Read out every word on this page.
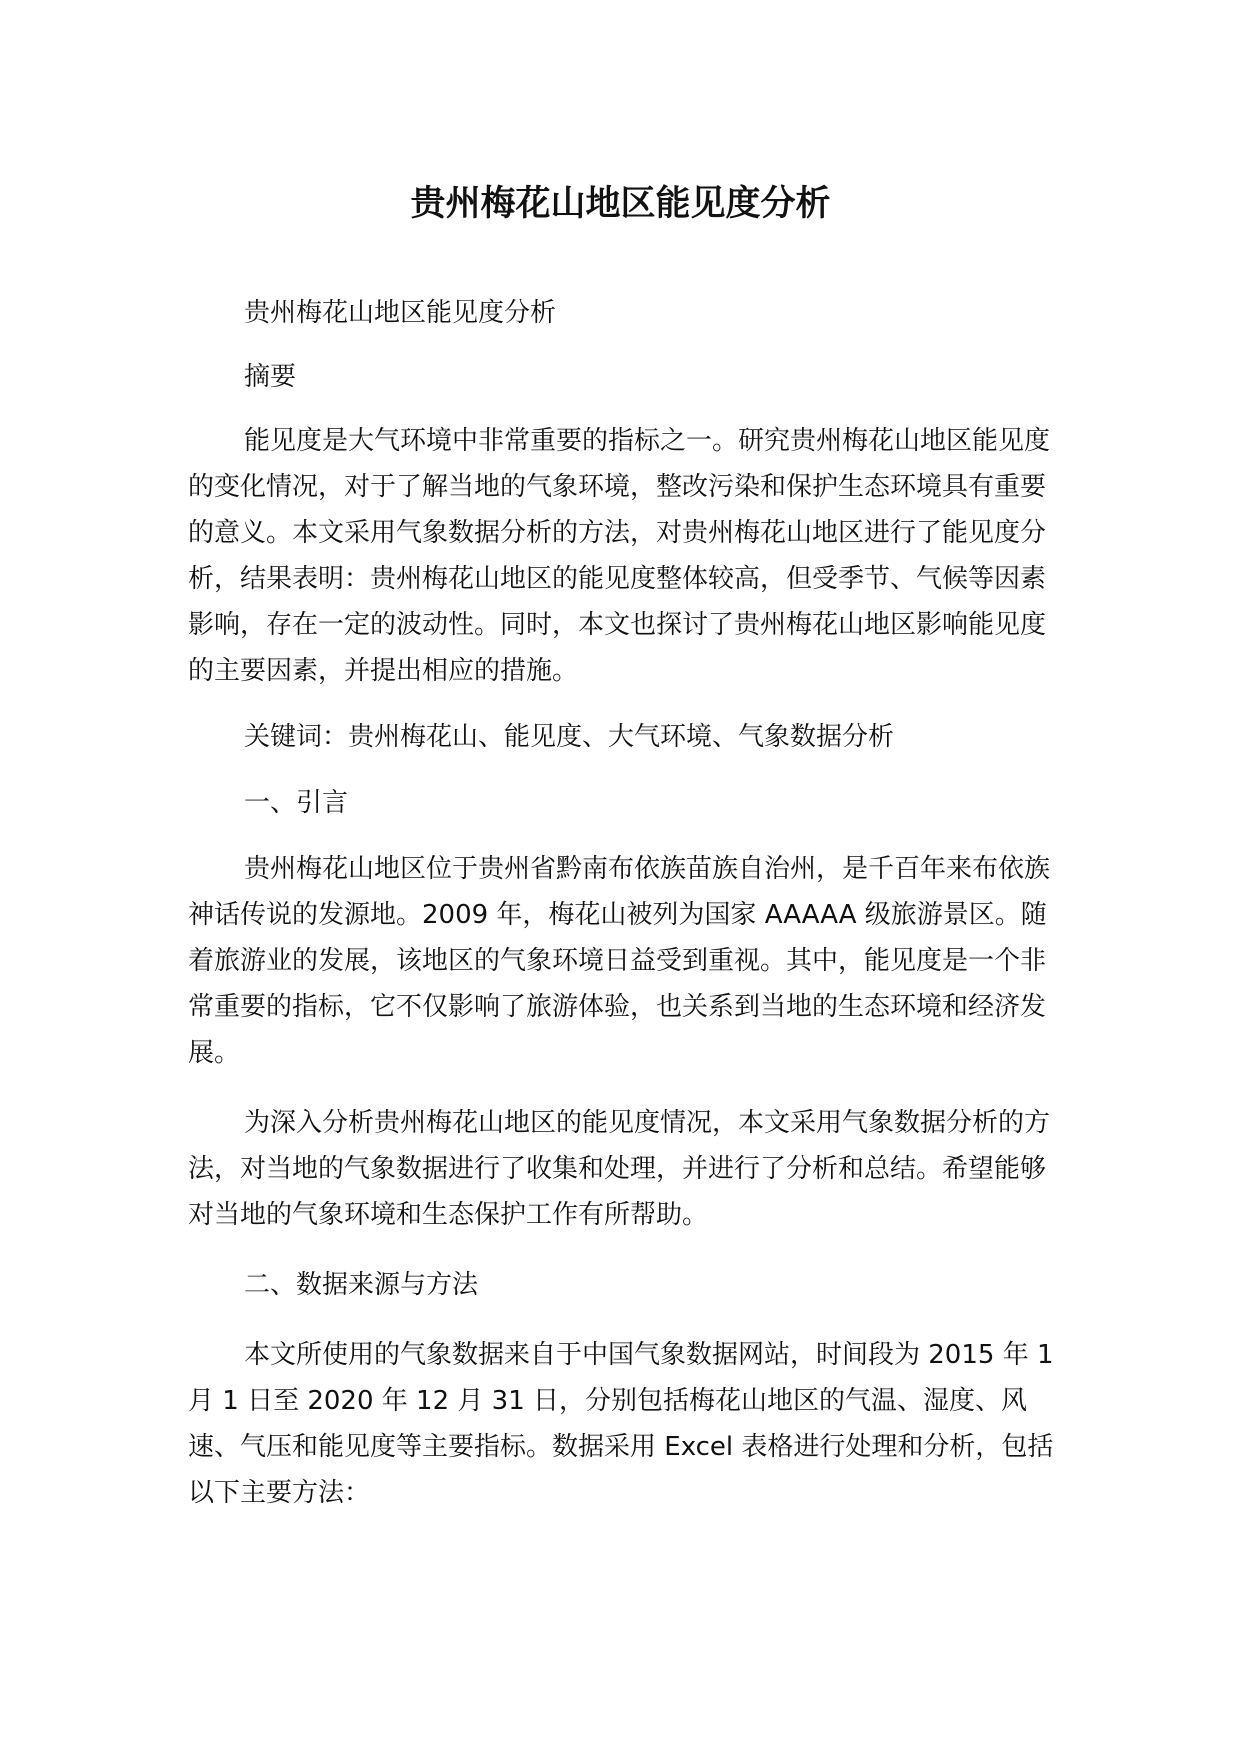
贵州梅花山地区能见度分析

贵州梅花山地区能见度分析

摘要

能见度是大气环境中非常重要的指标之一。研究贵州梅花山地区能见度的变化情况，对于了解当地的气象环境，整改污染和保护生态环境具有重要的意义。本文采用气象数据分析的方法，对贵州梅花山地区进行了能见度分析，结果表明：贵州梅花山地区的能见度整体较高，但受季节、气候等因素影响，存在一定的波动性。同时，本文也探讨了贵州梅花山地区影响能见度的主要因素，并提出相应的措施。

关键词：贵州梅花山、能见度、大气环境、气象数据分析

一、引言

贵州梅花山地区位于贵州省黔南布依族苗族自治州，是千百年来布依族神话传说的发源地。2009 年，梅花山被列为国家 AAAAA 级旅游景区。随着旅游业的发展，该地区的气象环境日益受到重视。其中，能见度是一个非常重要的指标，它不仅影响了旅游体验，也关系到当地的生态环境和经济发展。

为深入分析贵州梅花山地区的能见度情况，本文采用气象数据分析的方法，对当地的气象数据进行了收集和处理，并进行了分析和总结。希望能够对当地的气象环境和生态保护工作有所帮助。

二、数据来源与方法

本文所使用的气象数据来自于中国气象数据网站，时间段为 2015 年 1 月 1 日至 2020 年 12 月 31 日，分别包括梅花山地区的气温、湿度、风速、气压和能见度等主要指标。数据采用 Excel 表格进行处理和分析，包括以下主要方法：
